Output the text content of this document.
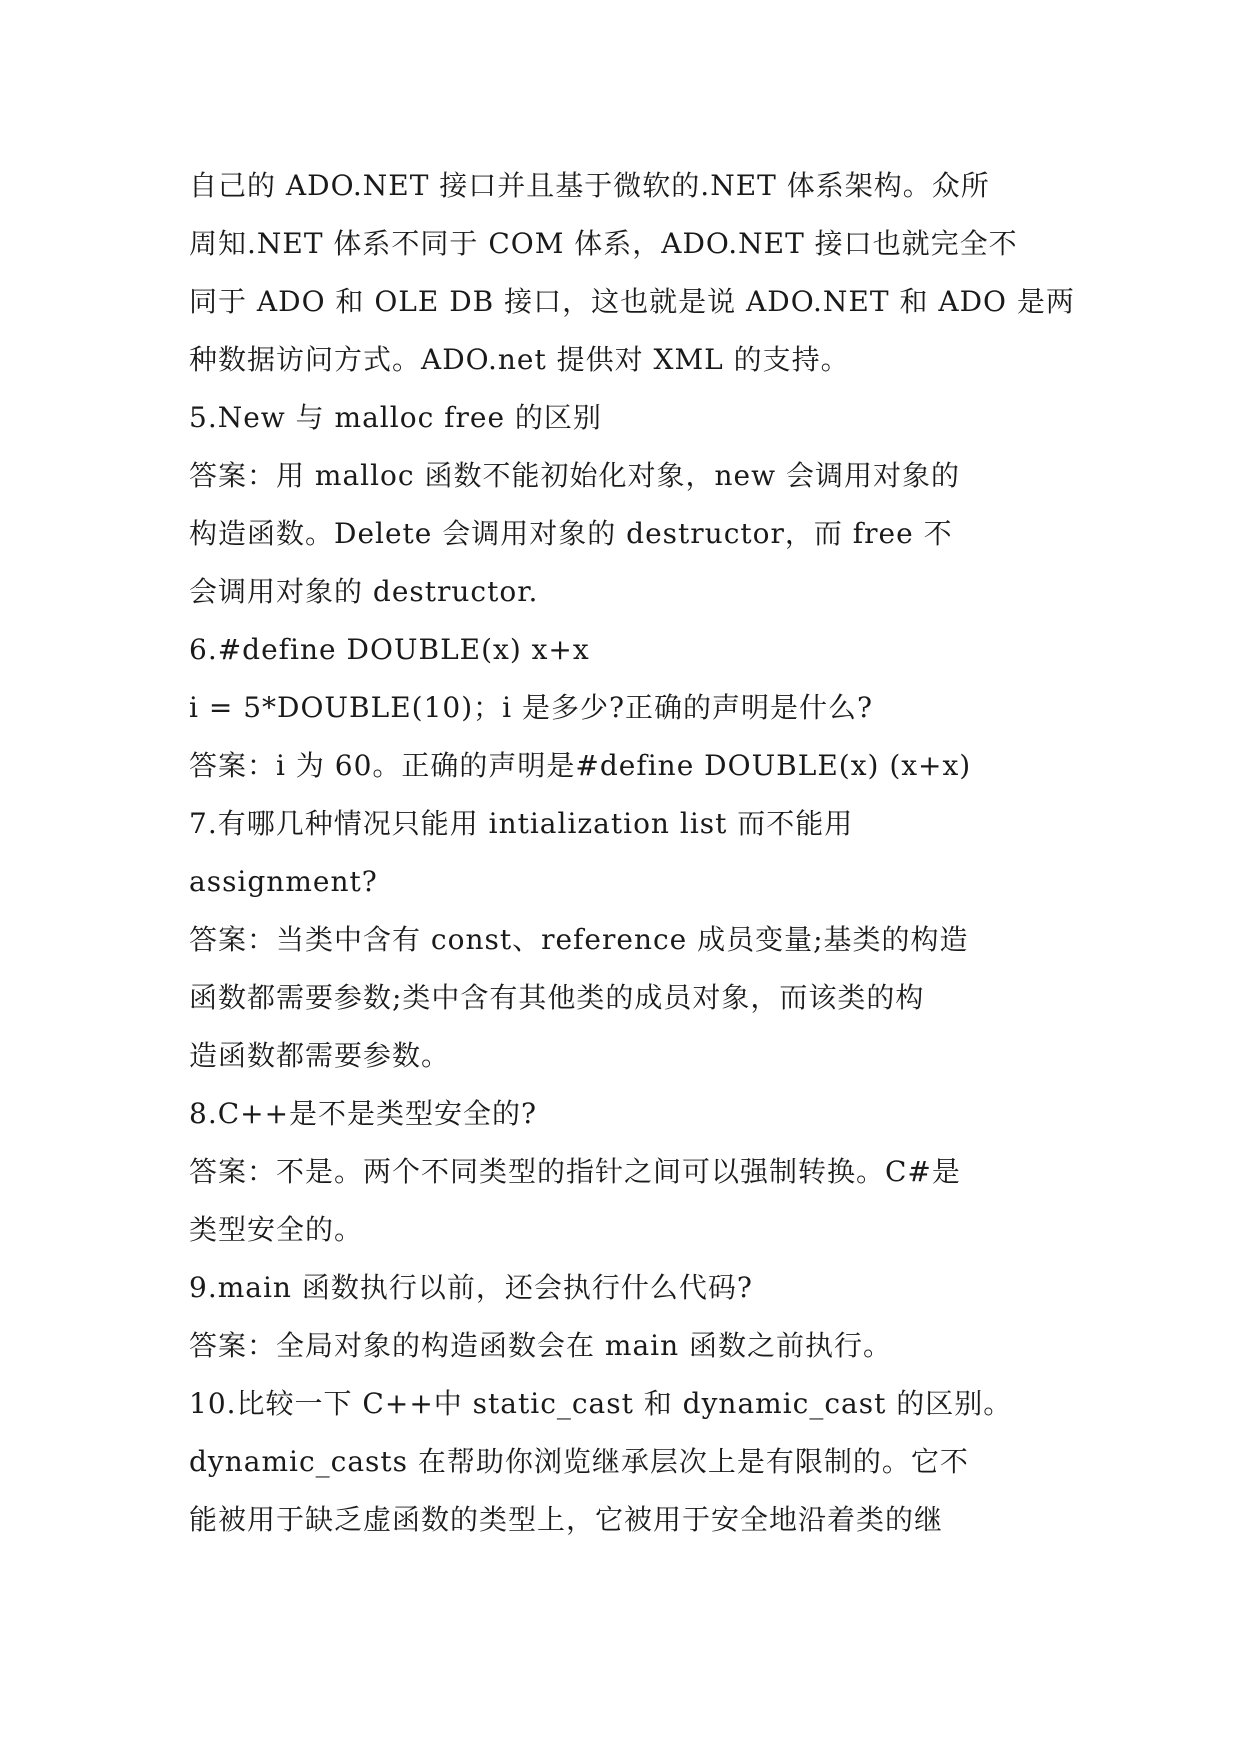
自己的 ADO.NET 接口并且基于微软的.NET 体系架构。众所
周知.NET 体系不同于 COM 体系，ADO.NET 接口也就完全不
同于 ADO 和 OLE DB 接口，这也就是说 ADO.NET 和 ADO 是两
种数据访问方式。ADO.net 提供对 XML 的支持。
5.New 与 malloc free 的区别
答案：用 malloc 函数不能初始化对象，new 会调用对象的
构造函数。Delete 会调用对象的 destructor，而 free 不
会调用对象的 destructor.
6.#define DOUBLE(x) x+x
i = 5*DOUBLE(10)；i 是多少?正确的声明是什么?
答案：i 为 60。正确的声明是#define DOUBLE(x) (x+x)
7.有哪几种情况只能用 intialization list 而不能用
assignment?
答案：当类中含有 const、reference 成员变量;基类的构造
函数都需要参数;类中含有其他类的成员对象，而该类的构
造函数都需要参数。
8.C++是不是类型安全的?
答案：不是。两个不同类型的指针之间可以强制转换。C#是
类型安全的。
9.main 函数执行以前，还会执行什么代码?
答案：全局对象的构造函数会在 main 函数之前执行。
10.比较一下 C++中 static_cast 和 dynamic_cast 的区别。
dynamic_casts 在帮助你浏览继承层次上是有限制的。它不
能被用于缺乏虚函数的类型上，它被用于安全地沿着类的继
